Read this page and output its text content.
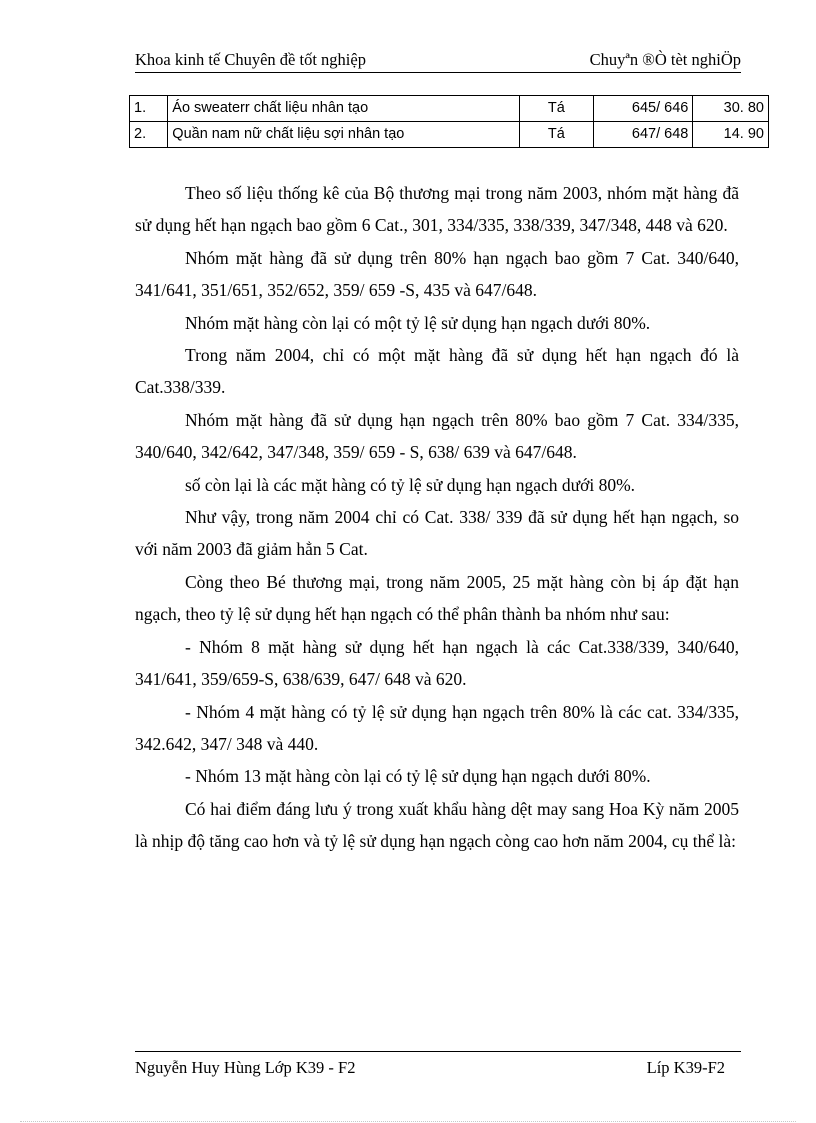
Khoa kinh tế Chuyên đề tốt nghiệp	Chuyªn ®Ò tèt nghiÖp
1.	Áo sweaterr chất liệu nhân tạo	Tá	645/ 646	30. 80
2.	Quần nam nữ chất liệu sợi nhân tạo	Tá	647/ 648	14. 90

Theo số liệu thống kê của Bộ thương mại trong năm 2003, nhóm mặt hàng đã sử dụng hết hạn ngạch bao gồm 6 Cat., 301, 334/335, 338/339, 347/348, 448 và 620.

Nhóm mặt hàng đã sử dụng trên 80% hạn ngạch bao gồm 7 Cat. 340/640, 341/641, 351/651, 352/652, 359/ 659 -S, 435 và 647/648.

Nhóm mặt hàng còn lại có một tỷ lệ sử dụng hạn ngạch dưới 80%.

Trong năm 2004, chỉ có một mặt hàng đã sử dụng hết hạn ngạch đó là Cat.338/339.

Nhóm mặt hàng đã sử dụng hạn ngạch trên 80% bao gồm 7 Cat. 334/335, 340/640, 342/642, 347/348, 359/ 659 - S, 638/ 639 và 647/648.

số còn lại là các mặt hàng có tỷ lệ sử dụng hạn ngạch dưới 80%.

Như vậy, trong năm 2004 chỉ có Cat. 338/ 339 đã sử dụng hết hạn ngạch, so với năm 2003 đã giảm hẳn 5 Cat.

Còng theo Bé thương mại, trong năm 2005, 25 mặt hàng còn bị áp đặt hạn ngạch, theo tỷ lệ sử dụng hết hạn ngạch có thể phân thành ba nhóm như sau:

- Nhóm 8 mặt hàng sử dụng hết hạn ngạch là các Cat.338/339, 340/640, 341/641, 359/659-S, 638/639, 647/ 648 và 620.

- Nhóm 4 mặt hàng có tỷ lệ sử dụng hạn ngạch trên 80% là các cat. 334/335, 342.642, 347/ 348 và 440.

- Nhóm 13 mặt hàng còn lại có tỷ lệ sử dụng hạn ngạch dưới 80%.

Có hai điểm đáng lưu ý trong xuất khẩu hàng dệt may sang Hoa Kỳ năm 2005 là nhịp độ tăng cao hơn và tỷ lệ sử dụng hạn ngạch còng cao hơn năm 2004, cụ thể là:

Nguyễn Huy Hùng Lớp K39 - F2	Líp K39-F2
